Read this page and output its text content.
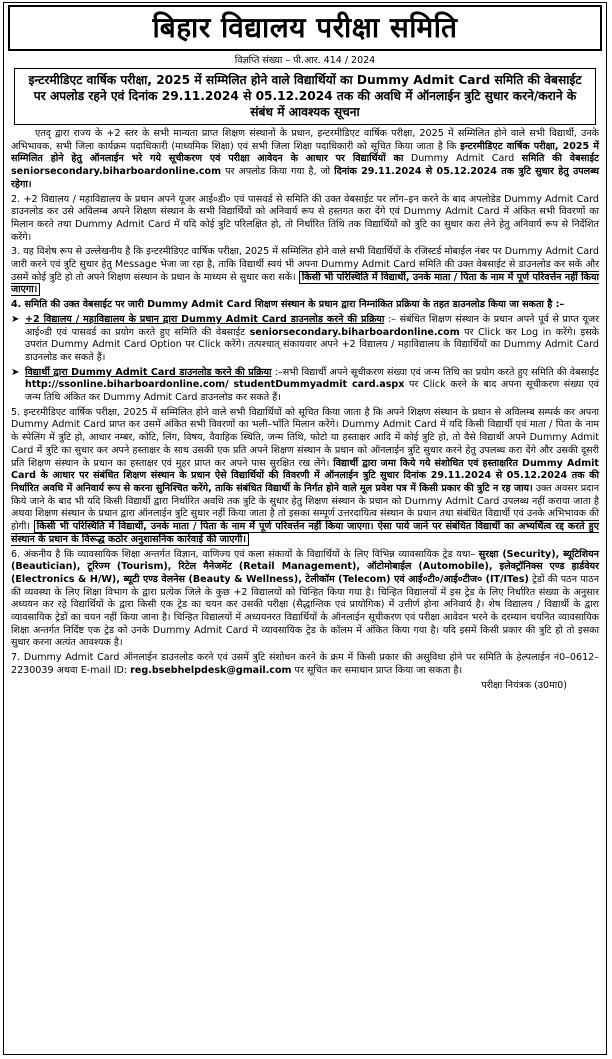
बिहार विद्यालय परीक्षा समिति
विज्ञप्ति संख्या – पी.आर. 414 / 2024
इन्टरमीडिएट वार्षिक परीक्षा, 2025 में सम्मिलित होने वाले विद्यार्थियों का Dummy Admit Card समिति की वेबसाईट पर अपलोड रहने एवं दिनांक 29.11.2024 से 05.12.2024 तक की अवधि में ऑनलाईन त्रुटि सुधार करने/कराने के संबंध में आवश्यक सूचना

एतद् द्वारा राज्य के +2 स्तर के सभी मान्यता प्राप्त शिक्षण संस्थानों के प्रधान, इन्टरमीडिएट वार्षिक परीक्षा, 2025 में सम्मिलित होने वाले सभी विद्यार्थी, उनके अभिभावक, सभी जिला कार्यक्रम पदाधिकारी (माध्यमिक शिक्षा) एवं सभी जिला शिक्षा पदाधिकारी को सूचित किया जाता है कि इन्टरमीडिएट वार्षिक परीक्षा, 2025 में सम्मिलित होने हेतु ऑनलाईन भरे गये सूचीकरण एवं परीक्षा आवेदन के आधार पर विद्यार्थियों का Dummy Admit Card समिति की वेबसाईट seniorsecondary.biharboardonline.com पर अपलोड किया गया है, जो दिनांक 29.11.2024 से 05.12.2024 तक त्रुटि सुधार हेतु उपलब्ध रहेगा।

2. +2 विद्यालय / महाविद्यालय के प्रधान अपने यूजर आई०डी० एवं पासवर्ड से समिति की उक्त वेबसाईट पर लॉग–इन करने के बाद अपलोडेड Dummy Admit Card डाउनलोड कर उसे अविलम्ब अपने शिक्षण संस्थान के सभी विद्यार्थियों को अनिवार्य रूप से हस्तगत करा देंगे एवं Dummy Admit Card में अंकित सभी विवरणों का मिलान करते तथा Dummy Admit Card में यदि कोई त्रुटि परिलक्षित हो, तो निर्धारित तिथि तक विद्यार्थियों को त्रुटि का सुधार करा लेने हेतु अनिवार्य रूप से निर्देशित करेंगे।

3. यह विशेष रूप से उल्लेखनीय है कि इन्टरमीडिएट वार्षिक परीक्षा, 2025 में सम्मिलित होने वाले सभी विद्यार्थियों के रजिस्टर्ड मोबाईल नंबर पर Dummy Admit Card जारी करने एवं त्रुटि सुधार हेतु Message भेजा जा रहा है, ताकि विद्यार्थी स्वयं भी अपना Dummy Admit Card समिति की उक्त वेबसाईट से डाउनलोड कर सकें और उसमें कोई त्रुटि हो तो अपने शिक्षण संस्थान के प्रधान के माध्यम से सुधार करा सकें। किसी भी परिस्थिति में विद्यार्थी, उनके माता / पिता के नाम में पूर्ण परिवर्त्तन नहीं किया जाएगा।

4. समिति की उक्त वेबसाईट पर जारी Dummy Admit Card शिक्षण संस्थान के प्रधान द्वारा निम्नांकित प्रक्रिया के तहत डाउनलोड किया जा सकता है :–

➤ +2 विद्यालय / महाविद्यालय के प्रधान द्वारा Dummy Admit Card डाउनलोड करने की प्रक्रिया :– संबंधित शिक्षण संस्थान के प्रधान अपने पूर्व से प्राप्त यूजर आई०डी एवं पासवर्ड का प्रयोग करते हुए समिति की वेबसाईट seniorsecondary.biharboardonline.com पर Click कर Log in करेंगे। इसके उपरांत Dummy Admit Card Option पर Click करेंगे। तत्पश्चात् संकायवार अपने +2 विद्यालय / महाविद्यालय के विद्यार्थियों का Dummy Admit Card डाउनलोड कर सकते हैं।
➤ विद्यार्थी द्वारा Dummy Admit Card डाउनलोड करने की प्रक्रिया :–सभी विद्यार्थी अपने सूचीकरण संख्या एवं जन्म तिथि का प्रयोग करते हुए समिति की वेबसाईट http://ssonline.biharboardonline.com/ studentDummyadmit card.aspx पर Click करने के बाद अपना सूचीकरण संख्या एवं जन्म तिथि अंकित कर Dummy Admit Card डाउनलोड कर सकते हैं।

5. इन्टरमीडिएट वार्षिक परीक्षा, 2025 में सम्मिलित होने वाले सभी विद्यार्थियों को सूचित किया जाता है कि अपने शिक्षण संस्थान के प्रधान से अविलम्ब सम्पर्क कर अपना Dummy Admit Card प्राप्त कर उसमें अंकित सभी विवरणों का भली–भाँति मिलान करेंगे। Dummy Admit Card में यदि किसी विद्यार्थी एवं माता / पिता के नाम के स्पेलिंग में त्रुटि हो, आधार नम्बर, कोटि, लिंग, विषय, वैवाहिक स्थिति, जन्म तिथि, फोटो या हस्ताक्षर आदि में कोई त्रुटि हो, तो वैसे विद्यार्थी अपने Dummy Admit Card में त्रुटि का सुधार कर अपने हस्ताक्षर के साथ उसकी एक प्रति अपने शिक्षण संस्थान के प्रधान को ऑनलाईन त्रुटि सुधार करने हेतु उपलब्ध करा देंगे और उसकी दूसरी प्रति शिक्षण संस्थान के प्रधान का हस्ताक्षर एवं मुहर प्राप्त कर अपने पास सुरक्षित रख लेंगे। विद्यार्थी द्वारा जमा किये गये संशोधित एवं हस्ताक्षरित Dummy Admit Card के आधार पर संबंधित शिक्षण संस्थान के प्रधान ऐसे विद्यार्थियों की विवरणी में ऑनलाईन त्रुटि सुधार दिनांक 29.11.2024 से 05.12.2024 तक की निर्धारित अवधि में अनिवार्य रूप से करना सुनिश्चित करेंगे, ताकि संबंधित विद्यार्थी के निर्गत होने वाले मूल प्रवेश पत्र में किसी प्रकार की त्रुटि न रह जाय। उक्त अवसर प्रदान किये जाने के बाद भी यदि किसी विद्यार्थी द्वारा निर्धारित अवधि तक त्रुटि के सुधार हेतु शिक्षण संस्थान के प्रधान को Dummy Admit Card उपलब्ध नहीं कराया जाता है अथवा शिक्षण संस्थान के प्रधान द्वारा ऑनलाईन त्रुटि सुधार नहीं किया जाता है तो इसका सम्पूर्ण उत्तरदायित्व संस्थान के प्रधान तथा संबंधित विद्यार्थी एवं उनके अभिभावक की होगी। किसी भी परिस्थिति में विद्यार्थी, उनके माता / पिता के नाम में पूर्ण परिवर्त्तन नहीं किया जाएगा। ऐसा पाये जाने पर संबंधित विद्यार्थी का अभ्यर्थित्व रद्द करते हुए संस्थान के प्रधान के विरूद्ध कठोर अनुशासनिक कार्रवाई की जाएगी।

6. अंकनीय है कि व्यावसायिक शिक्षा अन्तर्गत विज्ञान, वाणिज्य एवं कला संकायों के विद्यार्थियों के लिए विभिन्न व्यावसायिक ट्रेड यथा– सुरक्षा (Security), ब्यूटिशियन (Beautician), टूरिज्म (Tourism), रिटेल मैनेजमेंट (Retail Management), ऑटोमोबाईल (Automobile), इलेक्ट्रॉनिक्स एण्ड हार्डवेयर (Electronics & H/W), ब्यूटी एण्ड वेलनेस (Beauty & Wellness), टेलीकॉम (Telecom) एवं आई०टी०/आई०टीज० (IT/ITes) ट्रेडों की पठन पाठन की व्यवस्था के लिए शिक्षा विभाग के द्वारा प्रत्येक जिले के कुछ +2 विद्यालयों को चिन्हित किया गया है। चिन्हित विद्यालयों में इस ट्रेड के लिए निर्धारित संख्या के अनुसार अध्ययन कर रहे विद्यार्थियों के द्वारा किसी एक ट्रेड का चयन कर उसकी परीक्षा (सैद्धान्तिक एवं प्रायोगिक) में उत्तीर्ण होना अनिवार्य है। शेष विद्यालय / विद्यार्थी के द्वारा व्यावसायिक ट्रेडों का चयन नहीं किया जाना है। चिन्हित विद्यालयों में अध्ययनरत विद्यार्थियों के ऑनलाईन सूचीकरण एवं परीक्षा आवेदन भरने के दरम्यान चयनित व्यावसायिक शिक्षा अन्तर्गत निर्दिष्ट एक ट्रेड को उनके Dummy Admit Card में व्यावसायिक ट्रेड के कॉलम में अंकित किया गया है। यदि इसमें किसी प्रकार की त्रुटि हो तो इसका सुधार करना अत्यंत आवश्यक है।

7. Dummy Admit Card ऑनलाईन डाउनलोड करने एवं उसमें त्रुटि संशोधन करने के क्रम में किसी प्रकार की असुविधा होने पर समिति के हेल्पलाईन नं0–0612–2230039 अथवा E-mail ID: reg.bsebhelpdesk@gmail.com पर सूचित कर समाधान प्राप्त किया जा सकता है।

परीक्षा नियंत्रक (उ0मा0)
